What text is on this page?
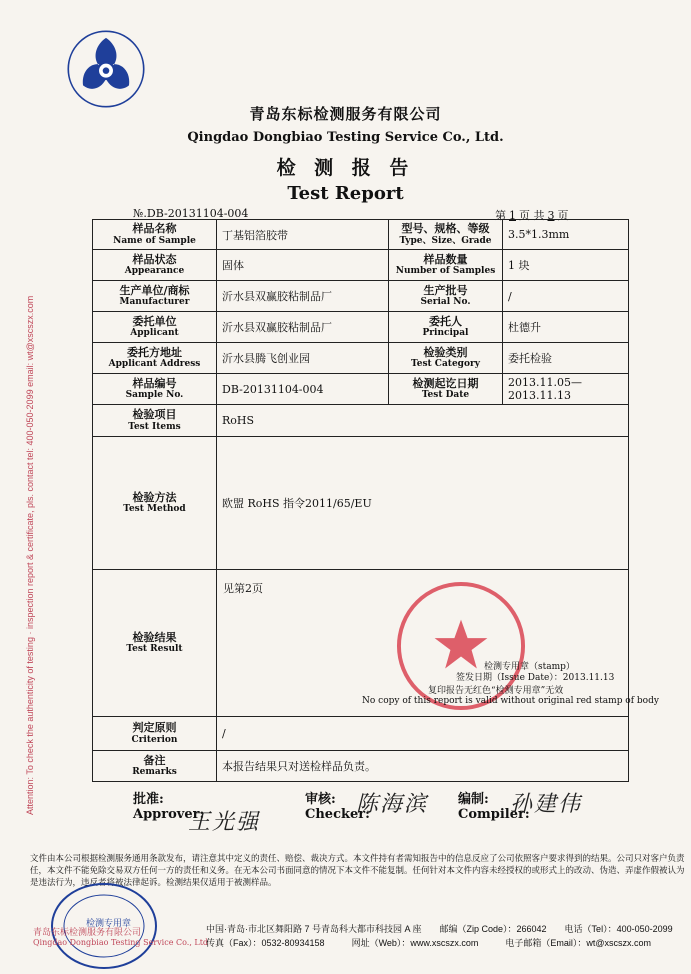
Attention: To check the authenticity of testing · inspection report & certificate, pls. contact tel: 400-050-2099 email: wt@xscszx.com
青岛东标检测服务有限公司
Qingdao Dongbiao Testing Service Co., Ltd.
检 测 报 告
Test Report
№.DB-20131104-004	第 1 页 共 3 页
样品名称
Name of Sample	丁基铝箔胶带	型号、规格、等级
Type、Size、Grade	3.5*1.3mm

样品状态
Appearance	固体	样品数量
Number of Samples	1 块

生产单位/商标
Manufacturer	沂水县双赢胶粘制品厂	生产批号
Serial No.	/

委托单位
Applicant	沂水县双赢胶粘制品厂	委托人
Principal	杜德升

委托方地址
Applicant Address	沂水县腾飞创业园	检验类别
Test Category	委托检验

样品编号
Sample No.	DB-20131104-004	检测起讫日期
Test Date	2013.11.05—2013.11.13

检验项目
Test Items	RoHS		

检验方法
Test Method	欧盟 RoHS 指令2011/65/EU		

检验结果
Test Result	见第2页		

判定原则
Criterion	/		

备注
Remarks	本报告结果只对送检样品负责。		
检测专用章（stamp）
签发日期（Issue Date）：2013.11.13
复印报告无红色“检测专用章”无效
No copy of this report is valid without original red stamp of body
批准:
Approver:
王光强
审核:
Checker:
陈海滨 编制:
Compiler:
孙建伟
文件由本公司根据检测服务通用条款发布，请注意其中定义的责任、赔偿、裁决方式。本文件持有者需知报告中的信息反应了公司依照客户要求得到的结果。公司只对客户负责任，本文件不能免除交易双方任何一方的责任和义务。在无本公司书面同意的情况下本文件不能复制。任何针对本文件内容未经授权的或形式上的改动、伪造、弄虚作假被认为是违法行为，违反者将被法律起诉。检测结果仅适用于被测样品。
检测专用章
青岛东标检测服务有限公司
Qingdao Dongbiao Testing Service Co., Ltd
中国·青岛·市北区舞阳路 7 号青岛科大都市科技园 A 座　　邮编（Zip Code）：266042　　电话（Tel）：400-050-2099
传真（Fax）：0532-80934158　　　网址（Web）：www.xscszx.com　　　电子邮箱（Email）：wt@xscszx.com
